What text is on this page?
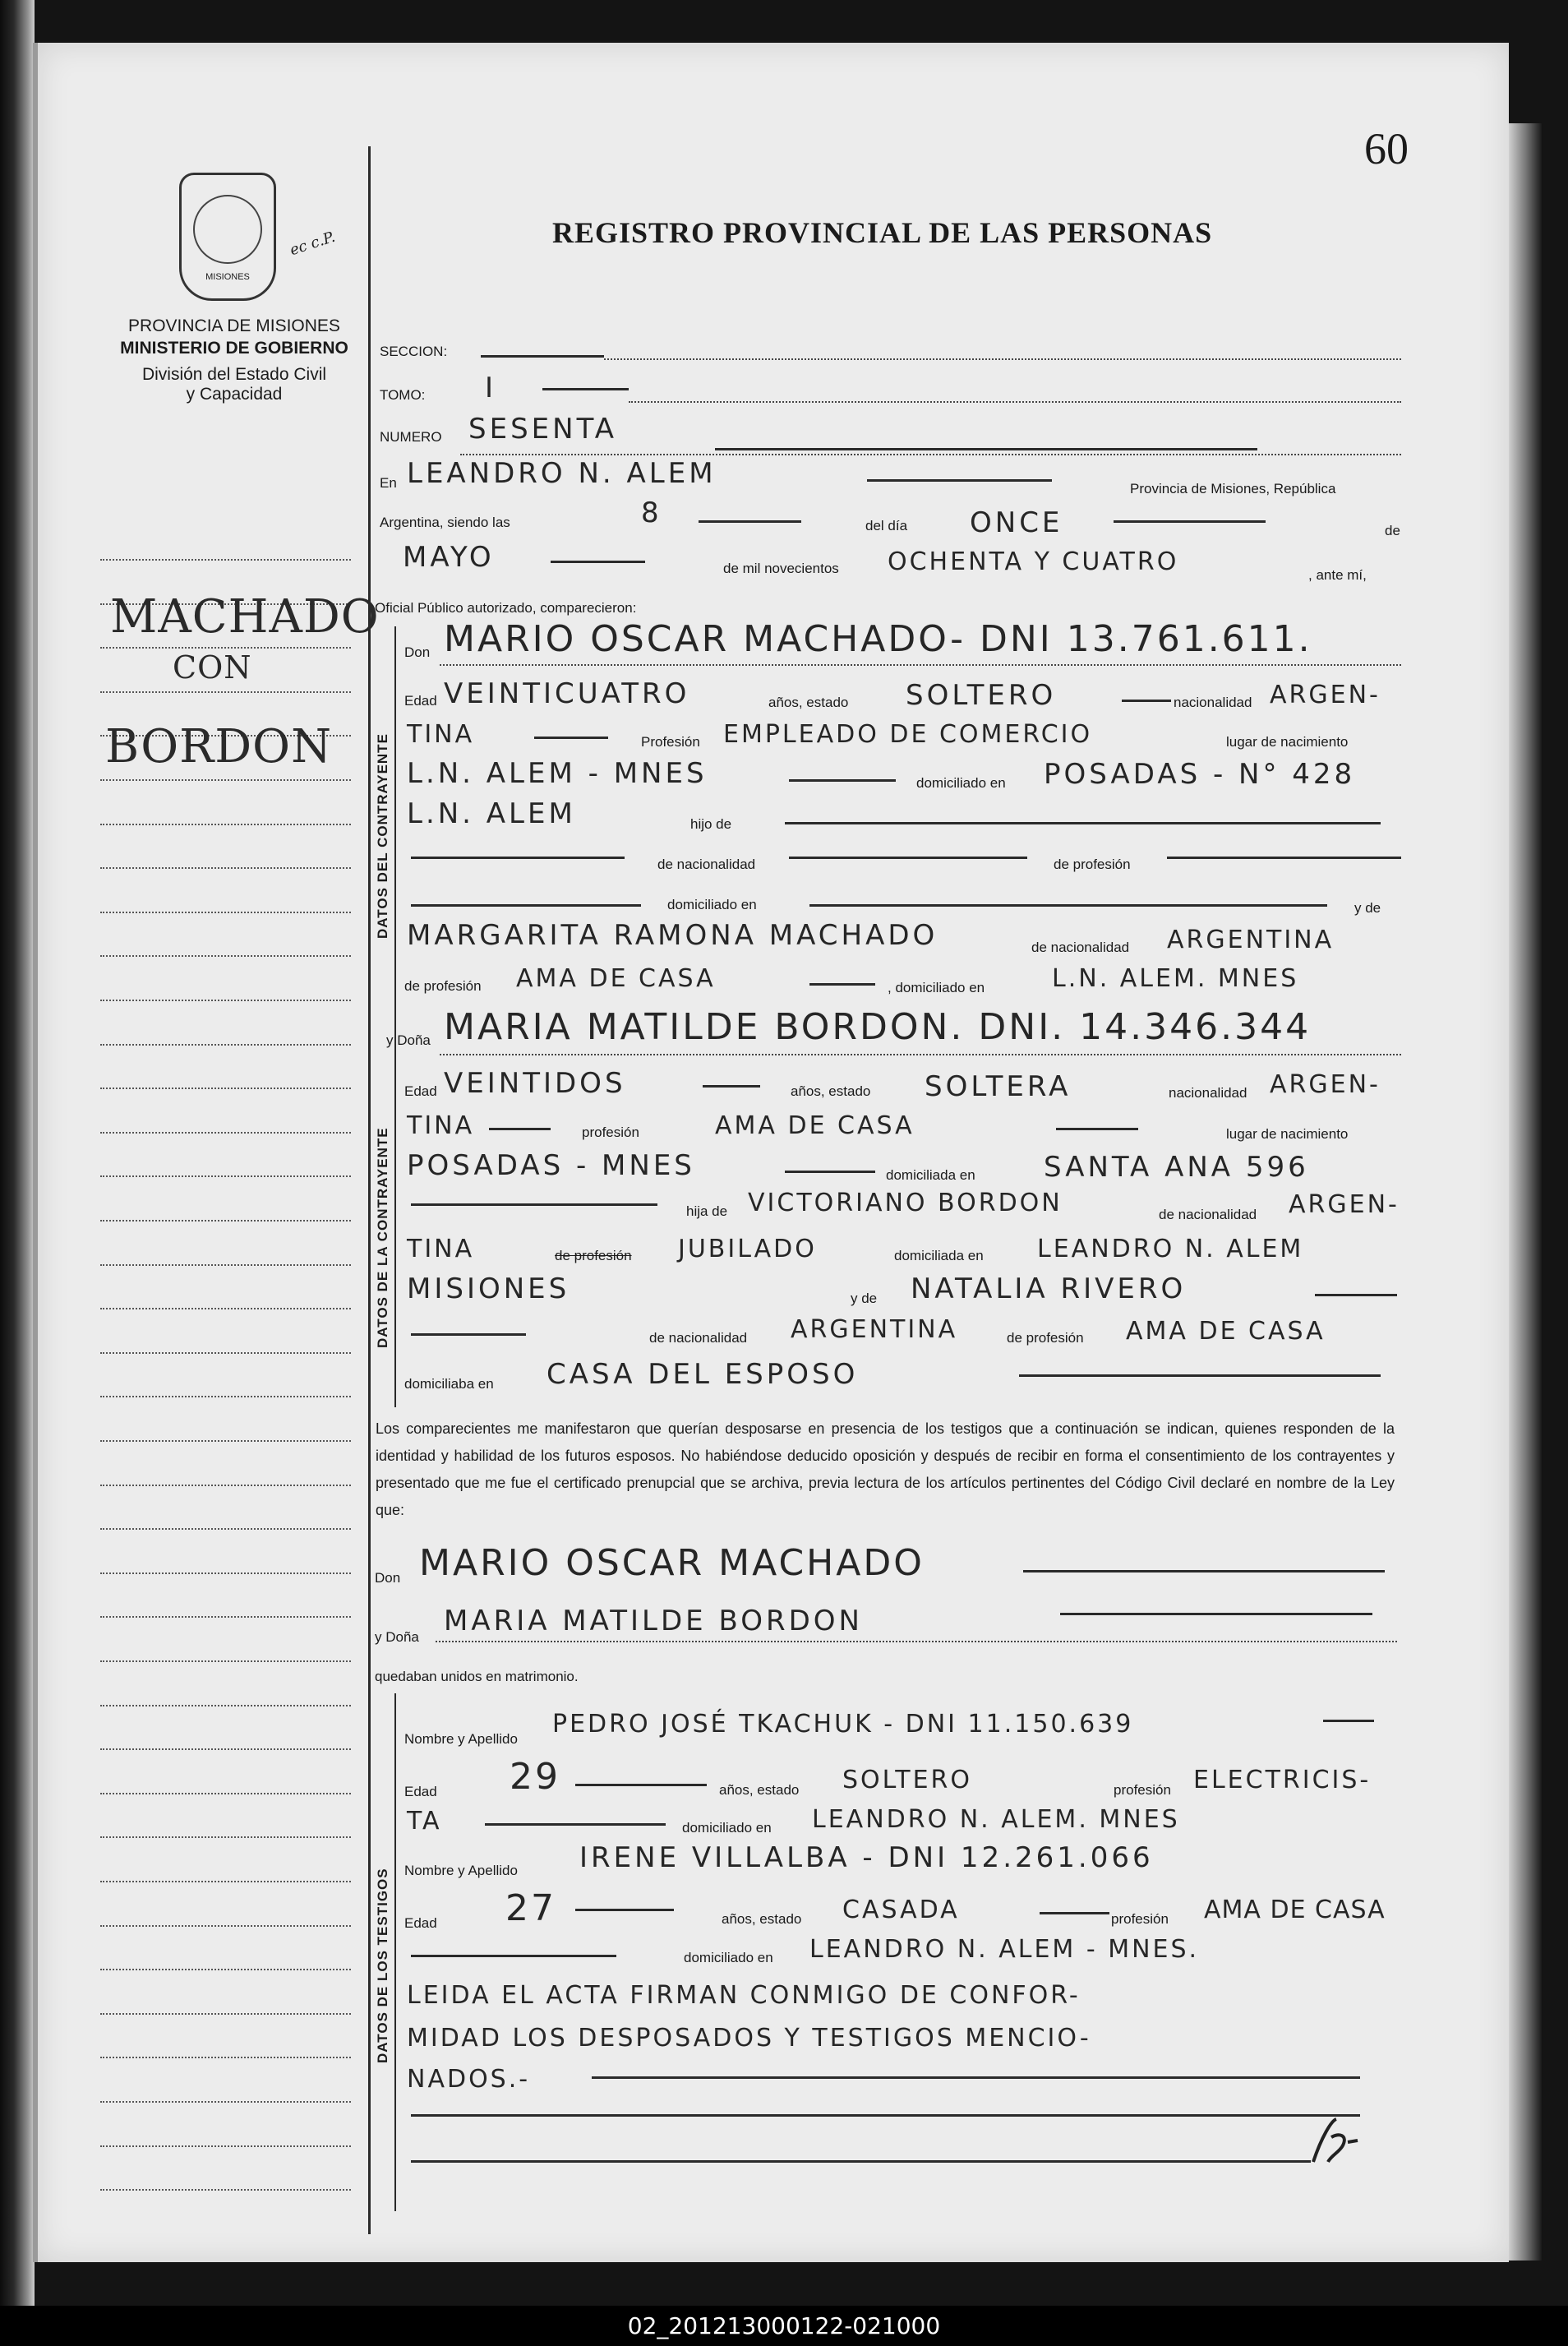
60
REGISTRO PROVINCIAL DE LAS PERSONAS
MISIONES
ec c.P.
PROVINCIA DE MISIONES
MINISTERIO DE GOBIERNO
División del Estado Civil
y Capacidad
MACHADO
CON
BORDON
SECCION:
TOMO: I
NUMERO SESENTA
En LEANDRO N. ALEM	Provincia de Misiones, República
Argentina, siendo las	8	del día ONCE	de
MAYO	de mil novecientos OCHENTA Y CUATRO	, ante mí,
Oficial Público autorizado, comparecieron:
DATOS DEL CONTRAYENTE
Don MARIO OSCAR MACHADO- DNI 13.761.611.
Edad VEINTICUATRO	años, estado SOLTERO	nacionalidad ARGEN-
TINA	Profesión EMPLEADO DE COMERCIO	lugar de nacimiento
L.N. ALEM - MNES	domiciliado en POSADAS - N° 428
L.N. ALEM	hijo de
de nacionalidad	de profesión
domiciliado en	y de
MARGARITA RAMONA MACHADO	de nacionalidad ARGENTINA
de profesión AMA DE CASA	, domiciliado en	L.N. ALEM. MNES
DATOS DE LA CONTRAYENTE
y Doña MARIA MATILDE BORDON. DNI. 14.346.344
Edad VEINTIDOS	años, estado SOLTERA	nacionalidad ARGEN-
TINA	profesión	AMA DE CASA	lugar de nacimiento
POSADAS - MNES	domiciliada en SANTA ANA 596
hija de VICTORIANO BORDON	de nacionalidad ARGEN-
TINA	de profesión JUBILADO	domiciliada en LEANDRO N. ALEM
MISIONES	y de NATALIA RIVERO
de nacionalidad ARGENTINA	de profesión AMA DE CASA
domiciliaba en CASA DEL ESPOSO
Los comparecientes me manifestaron que querían desposarse en presencia de los testigos que a continuación se indican, quienes responden de la identidad y habilidad de los futuros esposos. No habiéndose deducido oposición y después de recibir en forma el consentimiento de los contrayentes y presentado que me fue el certificado prenupcial que se archiva, previa lectura de los artículos pertinentes del Código Civil declaré en nombre de la Ley que:
Don MARIO OSCAR MACHADO
y Doña MARIA MATILDE BORDON
quedaban unidos en matrimonio.
DATOS DE LOS TESTIGOS
Nombre y Apellido
PEDRO JOSÉ TKACHUK - DNI 11.150.639
Edad 29	años, estado SOLTERO	profesión ELECTRICIS-
TA	domiciliado en LEANDRO N. ALEM. MNES
Nombre y Apellido IRENE VILLALBA - DNI 12.261.066
Edad 27	años, estado CASADA	profesión AMA DE CASA
domiciliado en LEANDRO N. ALEM - MNES.
LEIDA EL ACTA FIRMAN CONMIGO DE CONFOR-
MIDAD LOS DESPOSADOS Y TESTIGOS MENCIO-
NADOS.-
02_201213000122-021000
